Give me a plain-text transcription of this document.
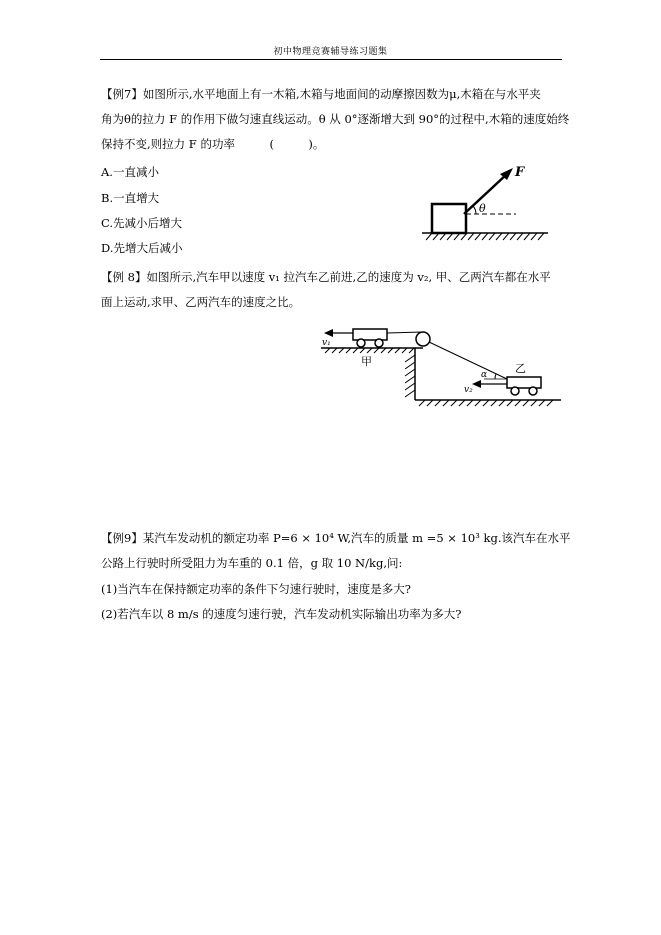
初中物理竞赛辅导练习题集
【例7】如图所示,水平地面上有一木箱,木箱与地面间的动摩擦因数为μ,木箱在与水平夹
角为θ的拉力 F 的作用下做匀速直线运动。θ 从 0°逐渐增大到 90°的过程中,木箱的速度始终
保持不变,则拉力 F 的功率　　　(　　　)。
A.一直减小
B.一直增大
C.先减小后增大
D.先增大后减小
F
θ
【例 8】如图所示,汽车甲以速度 v₁ 拉汽车乙前进,乙的速度为 v₂, 甲、乙两汽车都在水平
面上运动,求甲、乙两汽车的速度之比。
v₁
甲
乙
α
v₂
【例9】某汽车发动机的额定功率 P=6 × 10⁴ W,汽车的质量 m =5 × 10³ kg.该汽车在水平
公路上行驶时所受阻力为车重的 0.1 倍，g 取 10 N/kg,问:
(1)当汽车在保持额定功率的条件下匀速行驶时，速度是多大?
(2)若汽车以 8 m/s 的速度匀速行驶，汽车发动机实际输出功率为多大?
